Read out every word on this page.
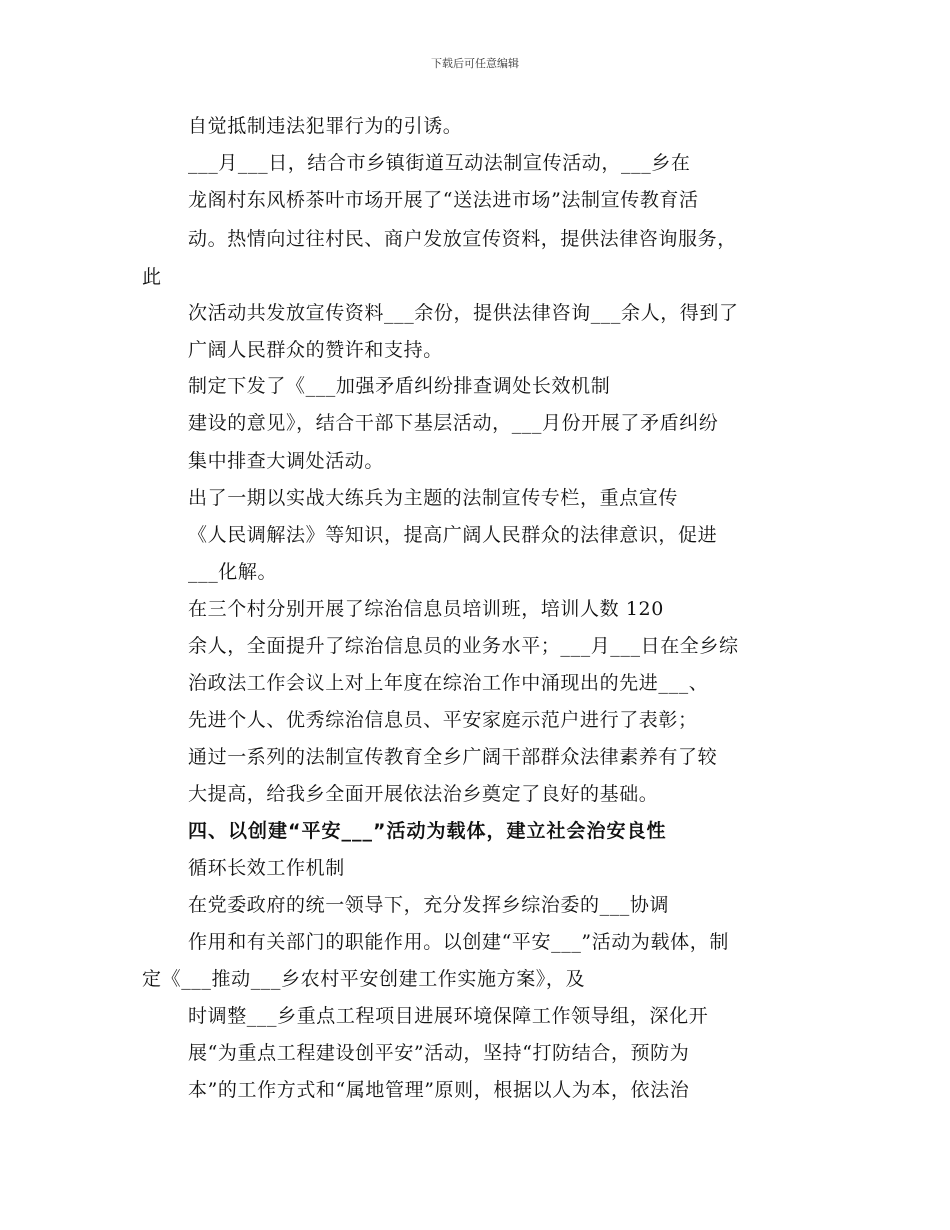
下载后可任意编辑
自觉抵制违法犯罪行为的引诱。
___月___日，结合市乡镇街道互动法制宣传活动，___乡在
龙阁村东风桥茶叶市场开展了“送法进市场”法制宣传教育活
动。热情向过往村民、商户发放宣传资料，提供法律咨询服务，
此
次活动共发放宣传资料___余份，提供法律咨询___余人，得到了
广阔人民群众的赞许和支持。
制定下发了《___加强矛盾纠纷排查调处长效机制
建设的意见》，结合干部下基层活动，___月份开展了矛盾纠纷
集中排查大调处活动。
出了一期以实战大练兵为主题的法制宣传专栏，重点宣传
《人民调解法》等知识，提高广阔人民群众的法律意识，促进
___化解。
在三个村分别开展了综治信息员培训班，培训人数 120
余人，全面提升了综治信息员的业务水平；___月___日在全乡综
治政法工作会议上对上年度在综治工作中涌现出的先进___、
先进个人、优秀综治信息员、平安家庭示范户进行了表彰；
通过一系列的法制宣传教育全乡广阔干部群众法律素养有了较
大提高，给我乡全面开展依法治乡奠定了良好的基础。
四、以创建“平安___”活动为载体，建立社会治安良性
循环长效工作机制
在党委政府的统一领导下，充分发挥乡综治委的___协调
作用和有关部门的职能作用。以创建“平安___”活动为载体，制
定《___推动___乡农村平安创建工作实施方案》，及
时调整___乡重点工程项目进展环境保障工作领导组，深化开
展“为重点工程建设创平安”活动，坚持“打防结合，预防为
本”的工作方式和“属地管理”原则，根据以人为本，依法治
